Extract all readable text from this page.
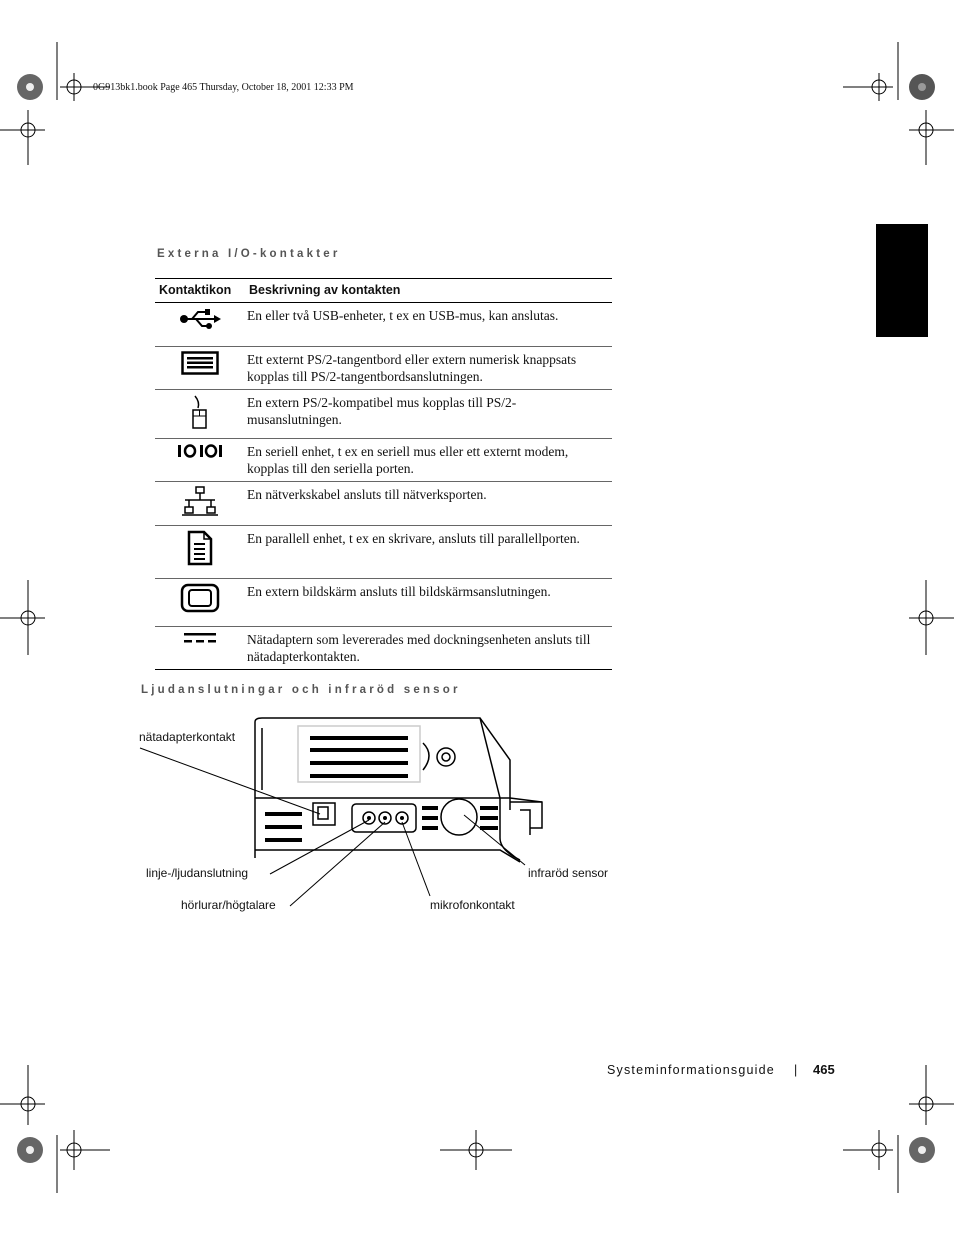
0G913bk1.book Page 465 Thursday, October 18, 2001 12:33 PM
Externa I/O-kontakter
Kontaktikon	Beskrivning av kontakten
	En eller två USB-enheter, t ex en USB-mus, kan anslutas.
	Ett externt PS/2-tangentbord eller extern numerisk knappsats kopplas till PS/2-tangentbordsanslutningen.
	En extern PS/2-kompatibel mus kopplas till PS/2-musanslutningen.
	En seriell enhet, t ex en seriell mus eller ett externt modem, kopplas till den seriella porten.
	En nätverkskabel ansluts till nätverksporten.
	En parallell enhet, t ex en skrivare, ansluts till parallellporten.
	En extern bildskärm ansluts till bildskärmsanslutningen.
	Nätadaptern som levererades med dockningsenheten ansluts till nätadapterkontakten.
Ljudanslutningar och infraröd sensor
nätadapterkontakt
linje-/ljudanslutning
hörlurar/högtalare	mikrofonkontakt
infraröd sensor
Systeminformationsguide | 465
